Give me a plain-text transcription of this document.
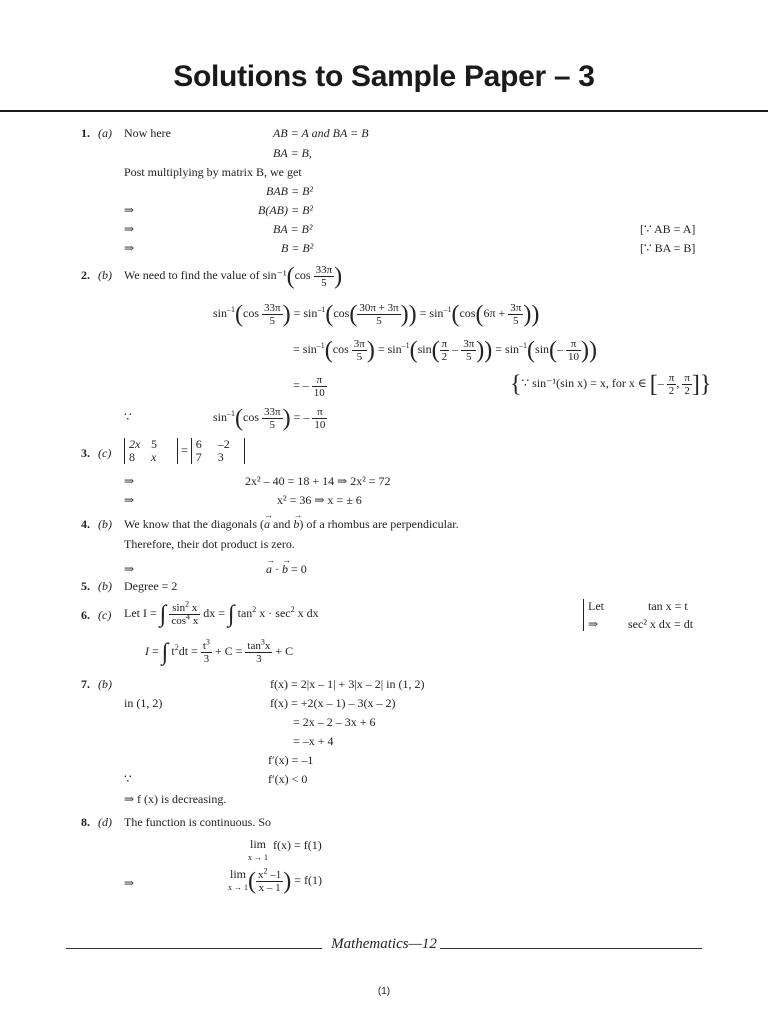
Solutions to Sample Paper – 3
1. (a) Now here	AB = A and BA = B
BA = B,
Post multiplying by matrix B, we get
BAB = B²
⇒	B(AB) = B²
⇒	BA = B²	[∵ AB = A]
⇒	B = B²	[∵ BA = B]
2. (b) We need to find the value of $\sin^{-1}(\cos \frac{33\pi}{5}$ )
$\sin^{-1}(\cos \frac{33\pi}{5}$ ) = $\sin^{-1}(\cos( \frac{30\pi + 3\pi}{5}$ )) = $\sin^{-1}(\cos(6\pi + \frac{3\pi}{5}$ ))
= $\sin^{-1}(\cos \frac{3\pi}{5}$ ) = $\sin^{-1}(\sin( \frac{\pi}{2} - \frac{3\pi}{5}$ )) = $\sin^{-1}(\sin(- \frac{\pi}{10}$ ))
= – $\frac{\pi}{10}$	{∵ sin⁻¹(sin x) = x, for x ∈ [– $\frac{\pi}{2}$ , $\frac{\pi}{2}$ ]}
∵	$\sin^{-1}(\cos \frac{33\pi}{5}$ ) = – $\frac{\pi}{10}$
3. (c)
2x 5
8 x = 6 –2
7 3
⇒	2x² – 40 = 18 + 14 ⇒ 2x² = 72
⇒	x² = 36 ⇒ x = ± 6
4. (b) We know that the diagonals (→ a and → b) of a rhombus are perpendicular.
Therefore, their dot product is zero.
⇒
→	a · → b = 0
5. (b) Degree = 2
6. (c) Let I = ∫ $\frac{\sin^2 x}{\cos^4 x}$ dx = ∫ $\tan^2 x \cdot \sec^2 x$ dx	Let	tan x = t
⇒ sec² x dx = dt
I = ∫ $t^2dt = \frac{t^3}{3} + C = \frac{\tan^3x}{3} + C$
7. (b)	f(x) = 2|x – 1| + 3|x – 2| in (1, 2)
in (1, 2)	f(x) = +2(x – 1) – 3(x – 2)
= 2x – 2 – 3x + 6
= –x + 4
f′(x) = –1
∵	f′(x) < 0
⇒ f (x) is decreasing.
8. (d) The function is continuous. So
lim
x → 1
f(x) = f(1)
⇒
lim
$x \to 1( \frac{x^2 -1}{x - 1}$ ) = f(1)
Mathematics—12
(1)
